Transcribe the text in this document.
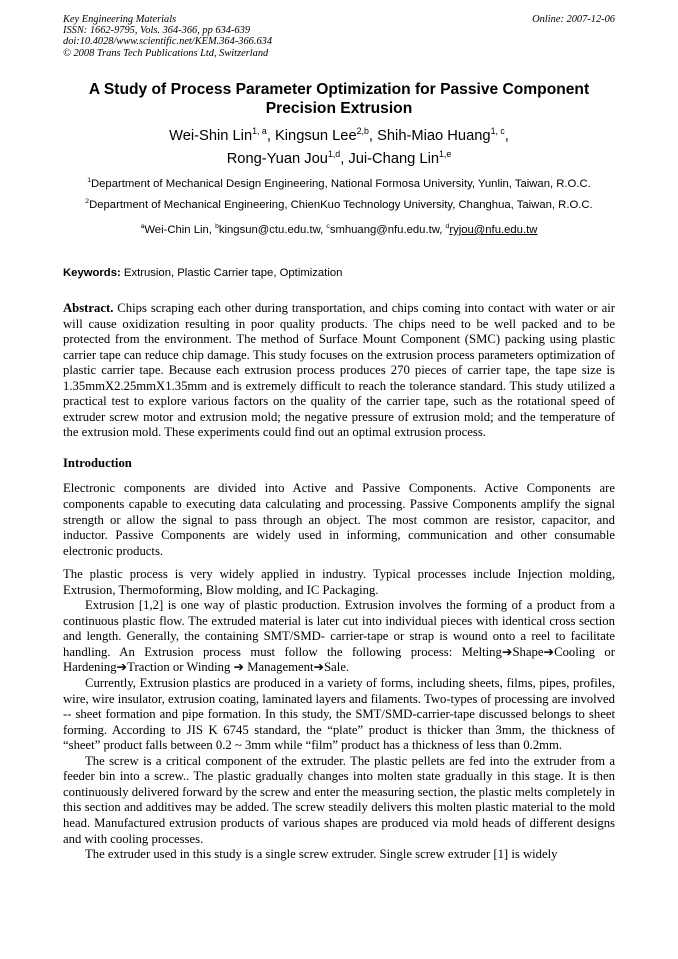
Key Engineering Materials
ISSN: 1662-9795, Vols. 364-366, pp 634-639
doi:10.4028/www.scientific.net/KEM.364-366.634
© 2008 Trans Tech Publications Ltd, Switzerland
Online: 2007-12-06
A Study of Process Parameter Optimization for Passive Component
Precision Extrusion
Wei-Shin Lin$^{1, a}$, Kingsun Lee$^{2,b}$, Shih-Miao Huang$^{1, c}$,
Rong-Yuan Jou$^{1,d}$, Jui-Chang Lin$^{1,e}$
$^1$Department of Mechanical Design Engineering, National Formosa University, Yunlin, Taiwan, R.O.C.
$^2$Department of Mechanical Engineering, ChienKuo Technology University, Changhua, Taiwan, R.O.C.
$^a$Wei-Chin Lin, $^b$kingsun@ctu.edu.tw, $^c$smhuang@nfu.edu.tw, $^d$ryjou@nfu.edu.tw
Keywords: Extrusion, Plastic Carrier tape, Optimization

Abstract. Chips scraping each other during transportation, and chips coming into contact with water or air will cause oxidization resulting in poor quality products. The chips need to be well packed and to be protected from the environment. The method of Surface Mount Component (SMC) packing using plastic carrier tape can reduce chip damage. This study focuses on the extrusion process parameters optimization of plastic carrier tape. Because each extrusion process produces 270 pieces of carrier tape, the tape size is 1.35mmX2.25mmX1.35mm and is extremely difficult to reach the tolerance standard. This study utilized a practical test to explore various factors on the quality of the carrier tape, such as the rotational speed of extruder screw motor and extrusion mold; the negative pressure of extrusion mold; and the temperature of the extrusion mold. These experiments could find out an optimal extrusion process.

Introduction

Electronic components are divided into Active and Passive Components. Active Components are components capable to executing data calculating and processing. Passive Components amplify the signal strength or allow the signal to pass through an object. The most common are resistor, capacitor, and inductor. Passive Components are widely used in informing, communication and other consumable electronic products.

The plastic process is very widely applied in industry. Typical processes include Injection molding, Extrusion, Thermoforming, Blow molding, and IC Packaging.

Extrusion [1,2] is one way of plastic production. Extrusion involves the forming of a product from a continuous plastic flow. The extruded material is later cut into individual pieces with identical cross section and length. Generally, the containing SMT/SMD- carrier-tape or strap is wound onto a reel to facilitate handling. An Extrusion process must follow the following process: Melting➔Shape➔Cooling or Hardening➔Traction or Winding ➔ Management➔Sale.

Currently, Extrusion plastics are produced in a variety of forms, including sheets, films, pipes, profiles, wire, wire insulator, extrusion coating, laminated layers and filaments. Two-types of processing are involved -- sheet formation and pipe formation. In this study, the SMT/SMD-carrier-tape discussed belongs to sheet forming. According to JIS K 6745 standard, the “plate” product is thicker than 3mm, the thickness of “sheet” product falls between 0.2 ~ 3mm while “film” product has a thickness of less than 0.2mm.

The screw is a critical component of the extruder. The plastic pellets are fed into the extruder from a feeder bin into a screw.. The plastic gradually changes into molten state gradually in this stage. It is then continuously delivered forward by the screw and enter the measuring section, the plastic melts completely in this section and additives may be added. The screw steadily delivers this molten plastic material to the mold head. Manufactured extrusion products of various shapes are produced via mold heads of different designs and with cooling processes.

The extruder used in this study is a single screw extruder. Single screw extruder [1] is widely
